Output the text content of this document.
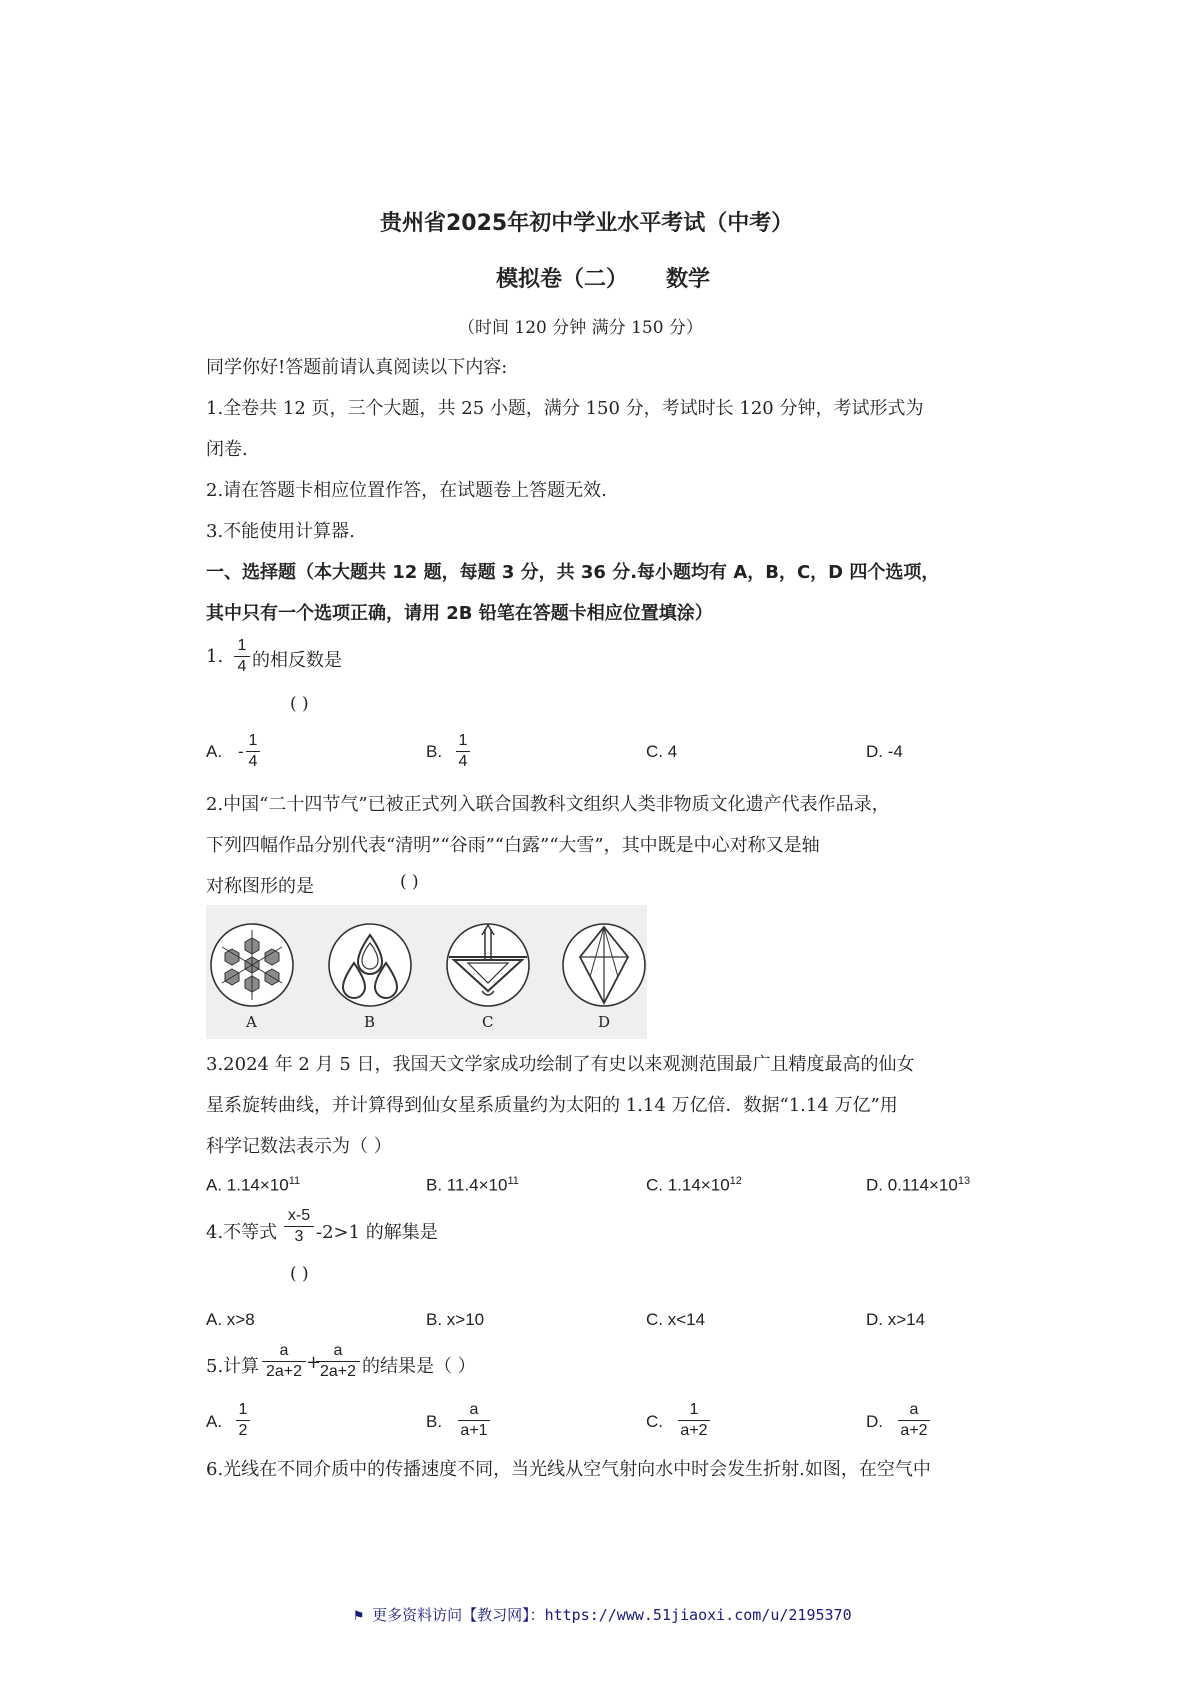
贵州省2025年初中学业水平考试（中考）
模拟卷（二） 数学
（时间 120 分钟 满分 150 分）
同学你好!答题前请认真阅读以下内容:
1.全卷共 12 页，三个大题，共 25 小题，满分 150 分，考试时长 120 分钟，考试形式为
闭卷.
2.请在答题卡相应位置作答，在试题卷上答题无效.
3.不能使用计算器.
一、选择题（本大题共 12 题，每题 3 分，共 36 分.每小题均有 A，B，C，D 四个选项，
其中只有一个选项正确，请用 2B 铅笔在答题卡相应位置填涂）
1.
1
4 的相反数是
( )
A. -
1
4
B.
1
4
C. 4	D. -4
2.中国“二十四节气”已被正式列入联合国教科文组织人类非物质文化遗产代表作品录，
下列四幅作品分别代表“清明”“谷雨”“白露”“大雪”，其中既是中心对称又是轴
对称图形的是	( )
A	B	C	D
3.2024 年 2 月 5 日，我国天文学家成功绘制了有史以来观测范围最广且精度最高的仙女
星系旋转曲线，并计算得到仙女星系质量约为太阳的 1.14 万亿倍．数据“1.14 万亿”用
科学记数法表示为（ ）
A. $1.14\times 10^{11}$	B. $11.4\times 10^{11}$	C. $1.14\times 10^{12}$	D. $0.114\times 10^{13}$
4.不等式
x-5
3 -2>1 的解集是
( )
A. x>8	B. x>10	C. x<14	D. x>14
5.计算
a
2a+2 +
a
2a+2 的结果是（ ）
A.
1
2	B.
a
a+1	C.
1
a+2	D.
a
a+2
6.光线在不同介质中的传播速度不同，当光线从空气射向水中时会发生折射.如图，在空气中
⚑ 更多资料访问【教习网】：https://www.51jiaoxi.com/u/2195370
